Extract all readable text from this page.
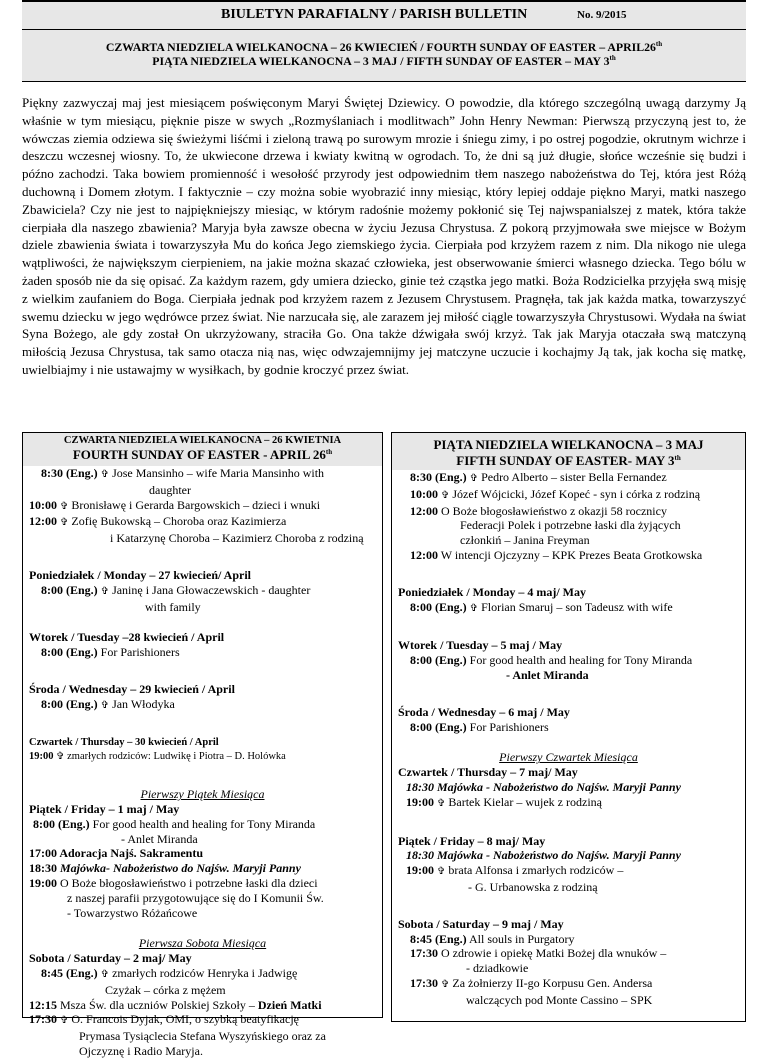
BIULETYN PARAFIALNY / PARISH BULLETIN	No. 9/2015
CZWARTA NIEDZIELA WIELKANOCNA – 26 KWIECIEŃ / FOURTH SUNDAY OF EASTER – APRIL26th
PIĄTA NIEDZIELA WIELKANOCNA – 3 MAJ / FIFTH SUNDAY OF EASTER – MAY 3th

Piękny zazwyczaj maj jest miesiącem poświęconym Maryi Świętej Dziewicy. O powodzie, dla którego szczególną uwagą darzymy Ją właśnie w tym miesiącu, pięknie pisze w swych „Rozmyślaniach i modlitwach” John Henry Newman: Pierwszą przyczyną jest to, że wówczas ziemia odziewa się świeżymi liśćmi i zieloną trawą po surowym mrozie i śniegu zimy, i po ostrej pogodzie, okrutnym wichrze i deszczu wczesnej wiosny. To, że ukwiecone drzewa i kwiaty kwitną w ogrodach. To, że dni są już długie, słońce wcześnie się budzi i późno zachodzi. Taka bowiem promienność i wesołość przyrody jest odpowiednim tłem naszego nabożeństwa do Tej, która jest Różą duchowną i Domem złotym. I faktycznie – czy można sobie wyobrazić inny miesiąc, który lepiej oddaje piękno Maryi, matki naszego Zbawiciela? Czy nie jest to najpiękniejszy miesiąc, w którym radośnie możemy pokłonić się Tej najwspanialszej z matek, która także cierpiała dla naszego zbawienia? Maryja była zawsze obecna w życiu Jezusa Chrystusa. Z pokorą przyjmowała swe miejsce w Bożym dziele zbawienia świata i towarzyszyła Mu do końca Jego ziemskiego życia. Cierpiała pod krzyżem razem z nim. Dla nikogo nie ulega wątpliwości, że największym cierpieniem, na jakie można skazać człowieka, jest obserwowanie śmierci własnego dziecka. Tego bólu w żaden sposób nie da się opisać. Za każdym razem, gdy umiera dziecko, ginie też cząstka jego matki. Boża Rodzicielka przyjęła swą misję z wielkim zaufaniem do Boga. Cierpiała jednak pod krzyżem razem z Jezusem Chrystusem. Pragnęła, tak jak każda matka, towarzyszyć swemu dziecku w jego wędrówce przez świat. Nie narzucała się, ale zarazem jej miłość ciągle towarzyszyła Chrystusowi. Wydała na świat Syna Bożego, ale gdy został On ukrzyżowany, straciła Go. Ona także dźwigała swój krzyż. Tak jak Maryja otaczała swą matczyną miłością Jezusa Chrystusa, tak samo otacza nią nas, więc odwzajemnijmy jej matczyne uczucie i kochajmy Ją tak, jak kocha się matkę, uwielbiajmy i nie ustawajmy w wysiłkach, by godnie kroczyć przez świat.

CZWARTA NIEDZIELA WIELKANOCNA – 26 KWIETNIA
FOURTH SUNDAY OF EASTER - APRIL 26th

8:30 (Eng.) ✞ Jose Mansinho – wife Maria Mansinho with

daughter

10:00 ✞ Bronisławę i Gerarda Bargowskich – dzieci i wnuki

12:00 ✞ Zofię Bukowską – Choroba oraz Kazimierza

i Katarzynę Choroba – Kazimierz Choroba z rodziną

Poniedziałek / Monday – 27 kwiecień/ April

8:00 (Eng.) ✞ Janinę i Jana Głowaczewskich - daughter

with family

Wtorek / Tuesday –28 kwiecień / April

8:00 (Eng.) For Parishioners

Środa / Wednesday – 29 kwiecień / April

8:00 (Eng.) ✞ Jan Włodyka

Czwartek / Thursday – 30 kwiecień / April

19:00 ✞ zmarłych rodziców: Ludwikę i Piotra – D. Holówka

Pierwszy Piątek Miesiąca

Piątek / Friday – 1 maj / May

8:00 (Eng.) For good health and healing for Tony Miranda

- Anlet Miranda

17:00 Adoracja Najś. Sakramentu

18:30 Majówka- Nabożeństwo do Najśw. Maryji Panny

19:00 O Boże błogosławieństwo i potrzebne łaski dla dzieci

z naszej parafii przygotowujące się do I Komunii Św.

- Towarzystwo Różańcowe

Pierwsza Sobota Miesiąca

Sobota / Saturday – 2 maj/ May

8:45 (Eng.) ✞ zmarłych rodziców Henryka i Jadwigę

Czyżak – córka z mężem

12:15 Msza Św. dla uczniów Polskiej Szkoły – Dzień Matki

17:30 ✞ O. Francois Dyjak, OMI, o szybką beatyfikację

Prymasa Tysiąclecia Stefana Wyszyńskiego oraz za

Ojczyznę i Radio Maryja.

PIĄTA NIEDZIELA WIELKANOCNA – 3 MAJ
FIFTH SUNDAY OF EASTER- MAY 3th

8:30 (Eng.) ✞ Pedro Alberto – sister Bella Fernandez

10:00 ✞ Józef Wójcicki, Józef Kopeć - syn i córka z rodziną

12:00 O Boże błogosławieństwo z okazji 58 rocznicy

Federacji Polek i potrzebne łaski dla żyjących

członkiń – Janina Freyman

12:00 W intencji Ojczyzny – KPK Prezes Beata Grotkowska

Poniedziałek / Monday – 4 maj/ May

8:00 (Eng.) ✞ Florian Smaruj – son Tadeusz with wife

Wtorek / Tuesday – 5 maj / May

8:00 (Eng.) For good health and healing for Tony Miranda

- Anlet Miranda

Środa / Wednesday – 6 maj / May

8:00 (Eng.) For Parishioners

Pierwszy Czwartek Miesiąca

Czwartek / Thursday – 7 maj/ May

18:30 Majówka - Nabożeństwo do Najśw. Maryji Panny

19:00 ✞ Bartek Kielar – wujek z rodziną

Piątek / Friday – 8 maj/ May

18:30 Majówka - Nabożeństwo do Najśw. Maryji Panny

19:00 ✞ brata Alfonsa i zmarłych rodziców –

- G. Urbanowska z rodziną

Sobota / Saturday – 9 maj / May

8:45 (Eng.) All souls in Purgatory

17:30 O zdrowie i opiekę Matki Bożej dla wnuków –

- dziadkowie

17:30 ✞ Za żołnierzy II-go Korpusu Gen. Andersa

walczących pod Monte Cassino – SPK
